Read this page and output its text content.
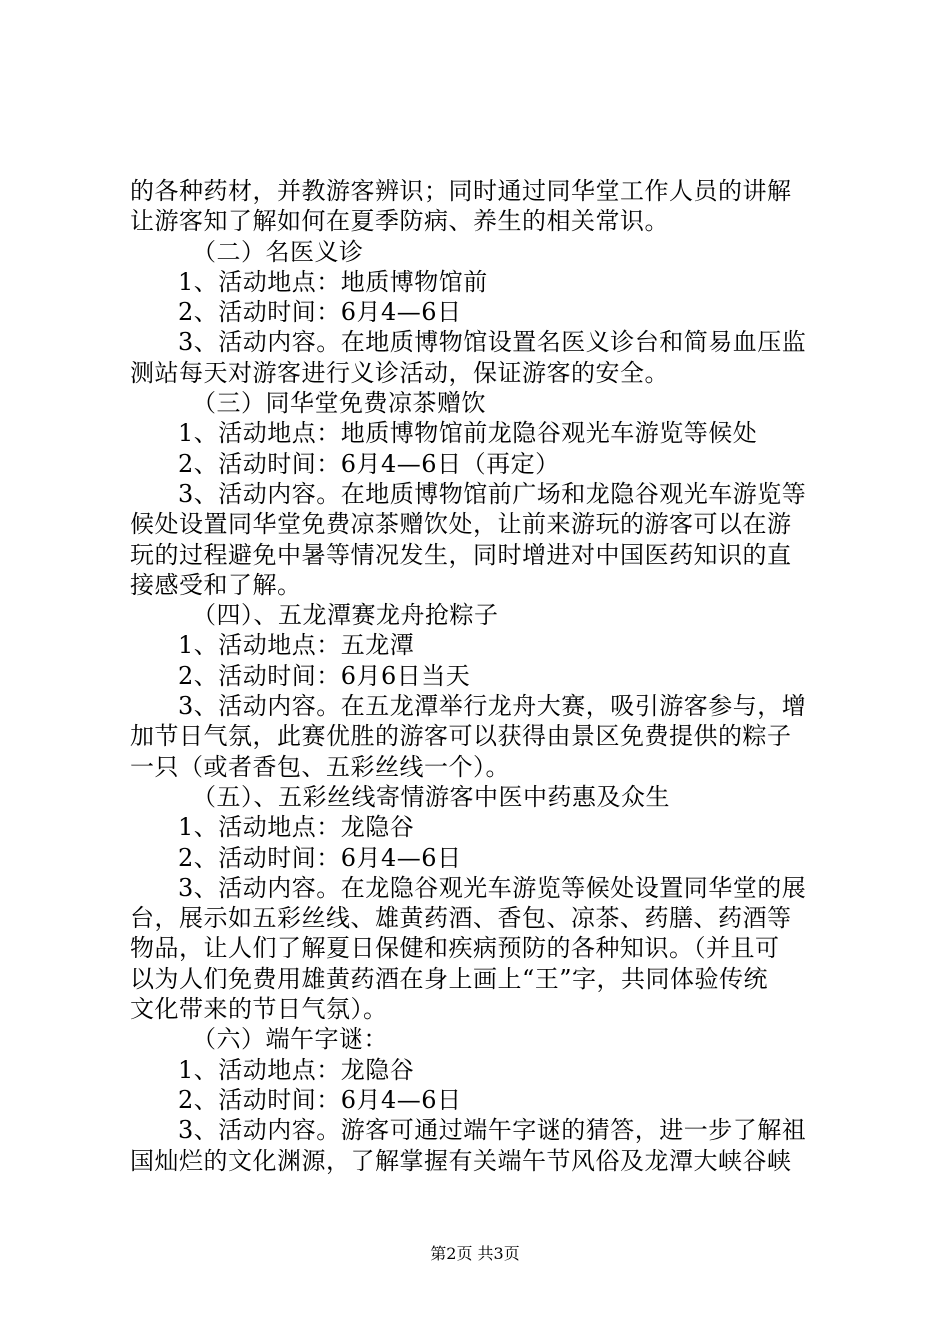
的各种药材，并教游客辨识；同时通过同华堂工作人员的讲解

让游客知了解如何在夏季防病、养生的相关常识。

（二）名医义诊

1、活动地点：地质博物馆前

2、活动时间：6月4—6日

3、活动内容。在地质博物馆设置名医义诊台和简易血压监

测站每天对游客进行义诊活动，保证游客的安全。

（三）同华堂免费凉茶赠饮

1、活动地点：地质博物馆前龙隐谷观光车游览等候处

2、活动时间：6月4—6日（再定）

3、活动内容。在地质博物馆前广场和龙隐谷观光车游览等

候处设置同华堂免费凉茶赠饮处，让前来游玩的游客可以在游

玩的过程避免中暑等情况发生，同时增进对中国医药知识的直

接感受和了解。

（四）、五龙潭赛龙舟抢粽子

1、活动地点：五龙潭

2、活动时间：6月6日当天

3、活动内容。在五龙潭举行龙舟大赛，吸引游客参与，增

加节日气氛，此赛优胜的游客可以获得由景区免费提供的粽子

一只（或者香包、五彩丝线一个）。

（五）、五彩丝线寄情游客中医中药惠及众生

1、活动地点：龙隐谷

2、活动时间：6月4—6日

3、活动内容。在龙隐谷观光车游览等候处设置同华堂的展

台，展示如五彩丝线、雄黄药酒、香包、凉茶、药膳、药酒等

物品，让人们了解夏日保健和疾病预防的各种知识。（并且可

以为人们免费用雄黄药酒在身上画上“王”字，共同体验传统

文化带来的节日气氛）。

（六）端午字谜：

1、活动地点：龙隐谷

2、活动时间：6月4—6日

3、活动内容。游客可通过端午字谜的猜答，进一步了解祖

国灿烂的文化渊源，了解掌握有关端午节风俗及龙潭大峡谷峡

第2页 共3页
